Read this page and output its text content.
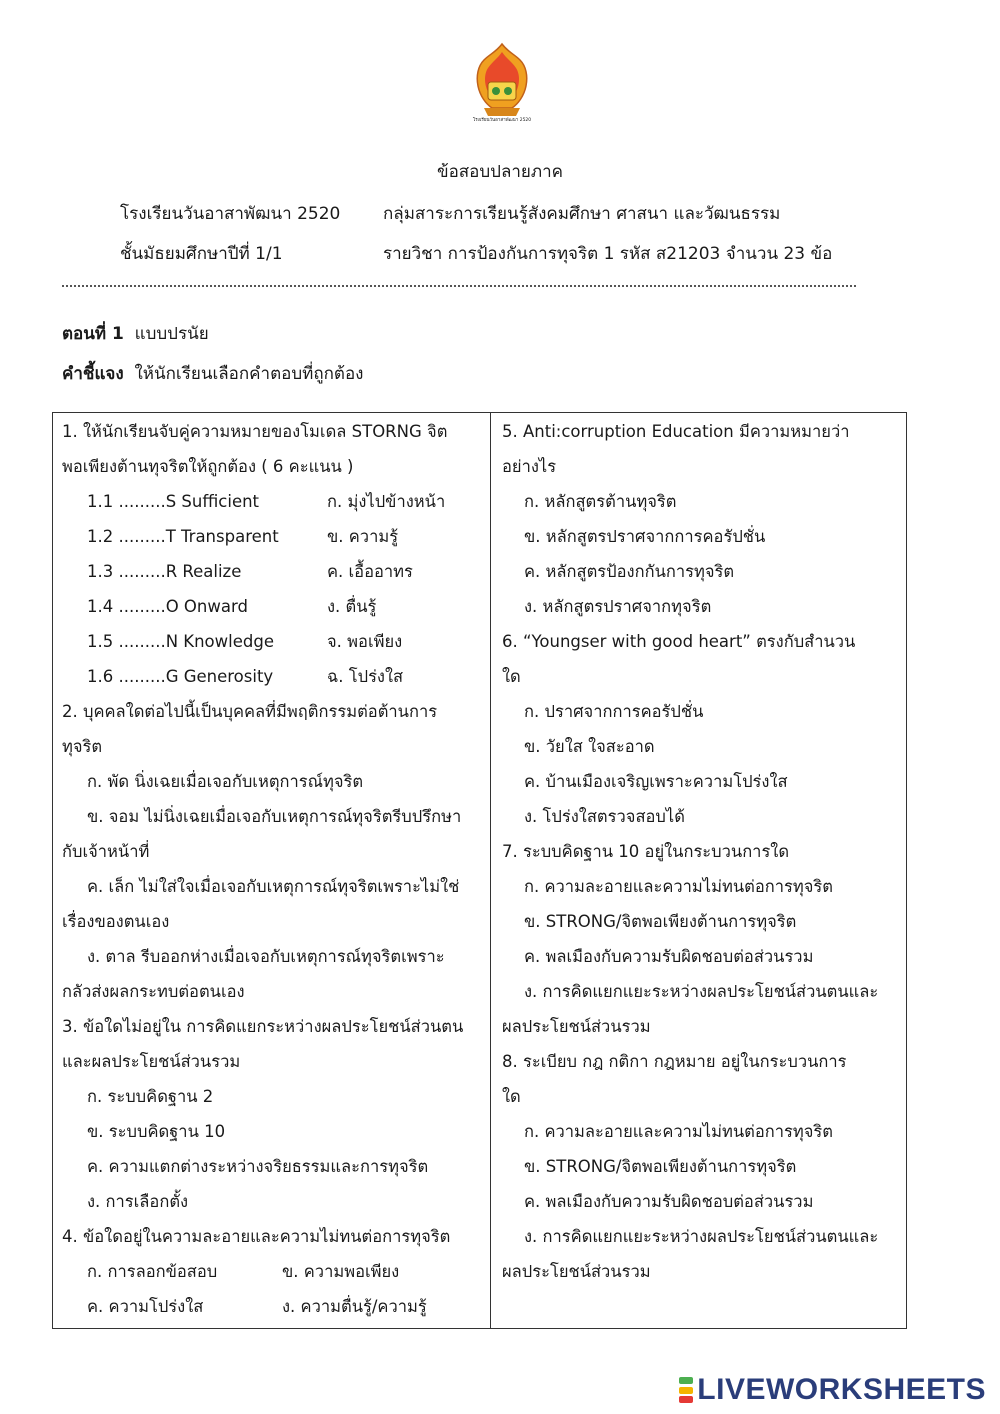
โรงเรียนวันอาสาพัฒนา 2520
ข้อสอบปลายภาค
โรงเรียนวันอาสาพัฒนา 2520	กลุ่มสาระการเรียนรู้สังคมศึกษา ศาสนา และวัฒนธรรม
ชั้นมัธยมศึกษาปีที่ 1/1	รายวิชา การป้องกันการทุจริต 1 รหัส ส21203 จำนวน 23 ข้อ
ตอนที่ 1 แบบปรนัย
คำชี้แจง ให้นักเรียนเลือกคำตอบที่ถูกต้อง
1. ให้นักเรียนจับคู่ความหมายของโมเดล STORNG จิต
พอเพียงต้านทุจริตให้ถูกต้อง ( 6 คะแนน )
1.1 .........S Sufficient	ก. มุ่งไปข้างหน้า
1.2 .........T Transparent	ข. ความรู้
1.3 .........R Realize	ค. เอื้ออาทร
1.4 .........O Onward	ง. ตื่นรู้
1.5 .........N Knowledge	จ. พอเพียง
1.6 .........G Generosity	ฉ. โปร่งใส
2. บุคคลใดต่อไปนี้เป็นบุคคลที่มีพฤติกรรมต่อต้านการ
ทุจริต
ก. พัด นิ่งเฉยเมื่อเจอกับเหตุการณ์ทุจริต
ข. จอม ไม่นิ่งเฉยเมื่อเจอกับเหตุการณ์ทุจริตรีบปรึกษา
กับเจ้าหน้าที่
ค. เล็ก ไม่ใส่ใจเมื่อเจอกับเหตุการณ์ทุจริตเพราะไม่ใช่
เรื่องของตนเอง
ง. ตาล รีบออกห่างเมื่อเจอกับเหตุการณ์ทุจริตเพราะ
กลัวส่งผลกระทบต่อตนเอง
3. ข้อใดไม่อยู่ใน การคิดแยกระหว่างผลประโยชน์ส่วนตน
และผลประโยชน์ส่วนรวม
ก. ระบบคิดฐาน 2
ข. ระบบคิดฐาน 10
ค. ความแตกต่างระหว่างจริยธรรมและการทุจริต
ง. การเลือกตั้ง
4. ข้อใดอยู่ในความละอายและความไม่ทนต่อการทุจริต
ก. การลอกข้อสอบ	ข. ความพอเพียง
ค. ความโปร่งใส	ง. ความตื่นรู้/ความรู้
5. Anti:corruption Education มีความหมายว่า
อย่างไร
ก. หลักสูตรต้านทุจริต
ข. หลักสูตรปราศจากการคอรัปชั่น
ค. หลักสูตรป้องกกันการทุจริต
ง. หลักสูตรปราศจากทุจริต
6. “Youngser with good heart” ตรงกับสำนวน
ใด
ก. ปราศจากการคอรัปชั่น
ข. วัยใส ใจสะอาด
ค. บ้านเมืองเจริญเพราะความโปร่งใส
ง. โปร่งใสตรวจสอบได้
7. ระบบคิดฐาน 10 อยู่ในกระบวนการใด
ก. ความละอายและความไม่ทนต่อการทุจริต
ข. STRONG/จิตพอเพียงต้านการทุจริต
ค. พลเมืองกับความรับผิดชอบต่อส่วนรวม
ง. การคิดแยกแยะระหว่างผลประโยชน์ส่วนตนและ
ผลประโยชน์ส่วนรวม
8. ระเบียบ กฎ กติกา กฎหมาย อยู่ในกระบวนการ
ใด
ก. ความละอายและความไม่ทนต่อการทุจริต
ข. STRONG/จิตพอเพียงต้านการทุจริต
ค. พลเมืองกับความรับผิดชอบต่อส่วนรวม
ง. การคิดแยกแยะระหว่างผลประโยชน์ส่วนตนและ
ผลประโยชน์ส่วนรวม
LIVEWORKSHEETS
